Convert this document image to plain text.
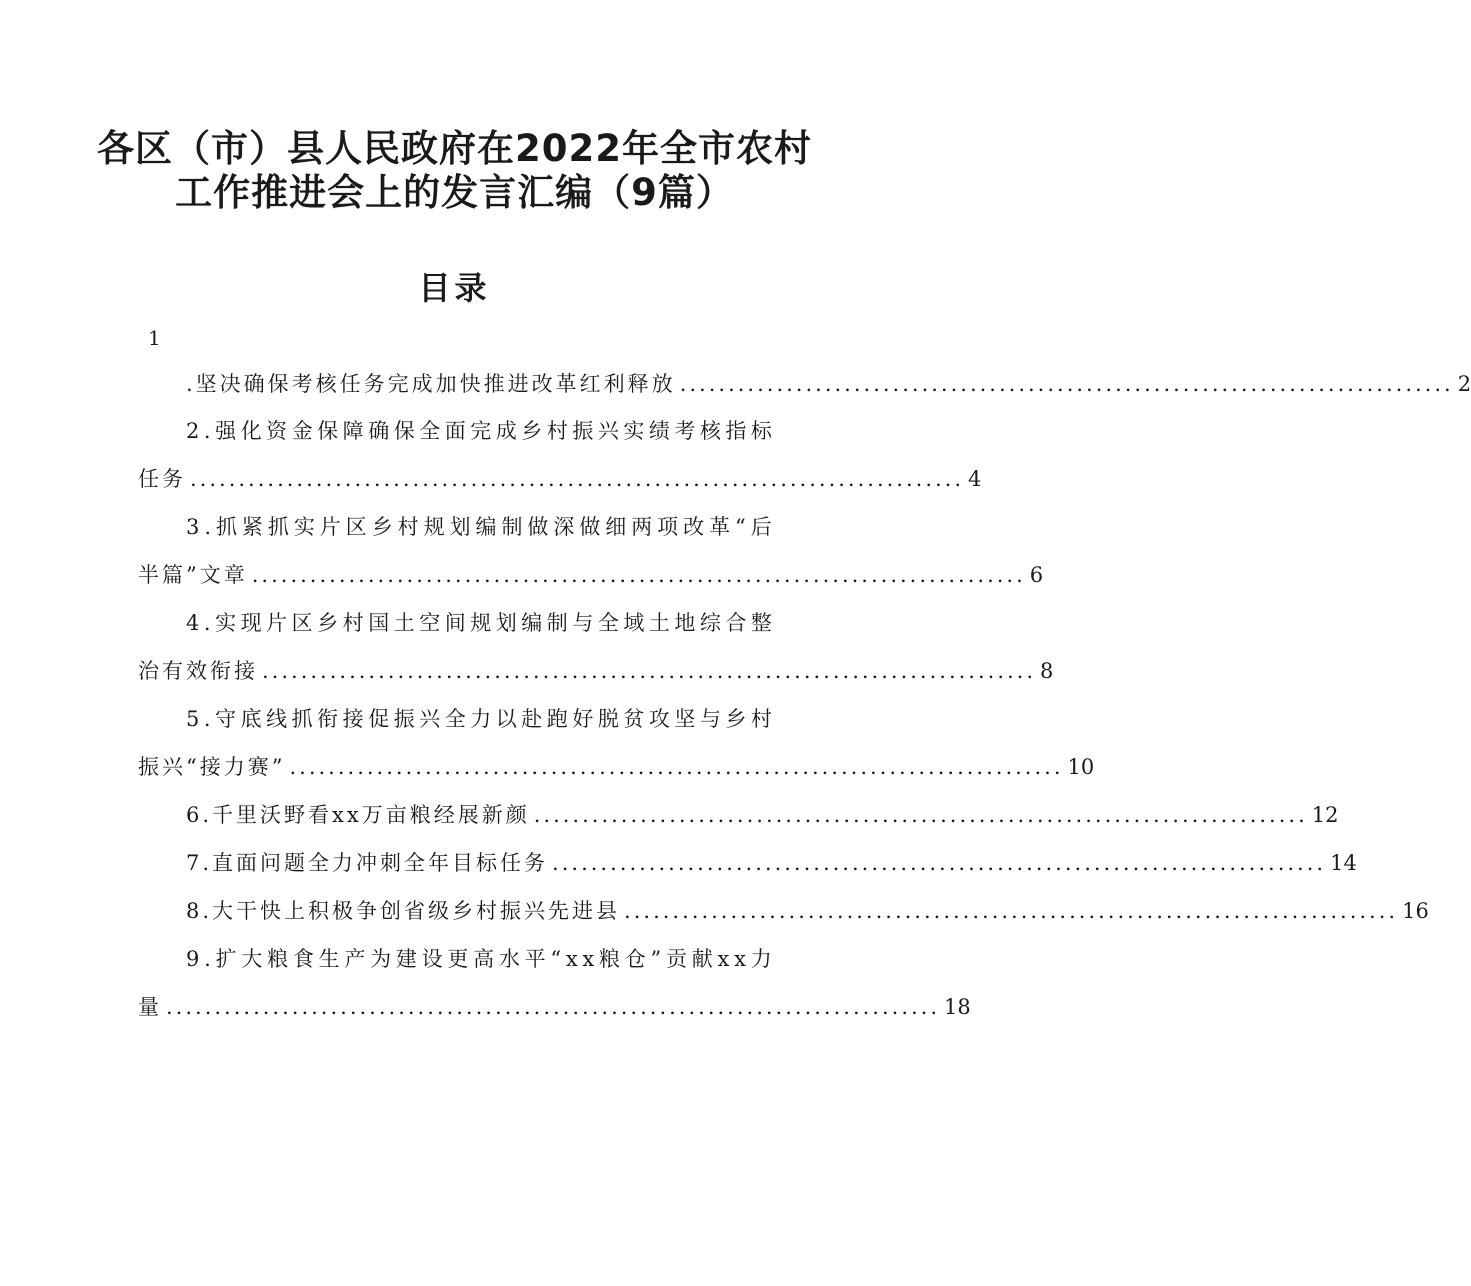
各区（市）县人民政府在2022年全市农村
工作推进会上的发言汇编（9篇）
目录
1
.坚决确保考核任务完成加快推进改革红利释放 ................................................................................ 2
2 . 强 化 资 金 保 障 确 保 全 面 完 成 乡 村 振 兴 实 绩 考 核 指 标
任务 ................................................................................ 4
3 . 抓 紧 抓 实 片 区 乡 村 规 划 编 制 做 深 做 细 两 项 改 革 “ 后
半篇”文章 ................................................................................ 6
4 . 实 现 片 区 乡 村 国 土 空 间 规 划 编 制 与 全 域 土 地 综 合 整
治有效衔接 ................................................................................ 8
5 . 守 底 线 抓 衔 接 促 振 兴 全 力 以 赴 跑 好 脱 贫 攻 坚 与 乡 村
振兴“接力赛” ................................................................................ 10
6.千里沃野看xx万亩粮经展新颜 ................................................................................ 12
7.直面问题全力冲刺全年目标任务 ................................................................................ 14
8.大干快上积极争创省级乡村振兴先进县 ................................................................................ 16
9 . 扩 大 粮 食 生 产 为 建 设 更 高 水 平 “ x x 粮 仓 ” 贡 献 x x 力
量 ................................................................................ 18
